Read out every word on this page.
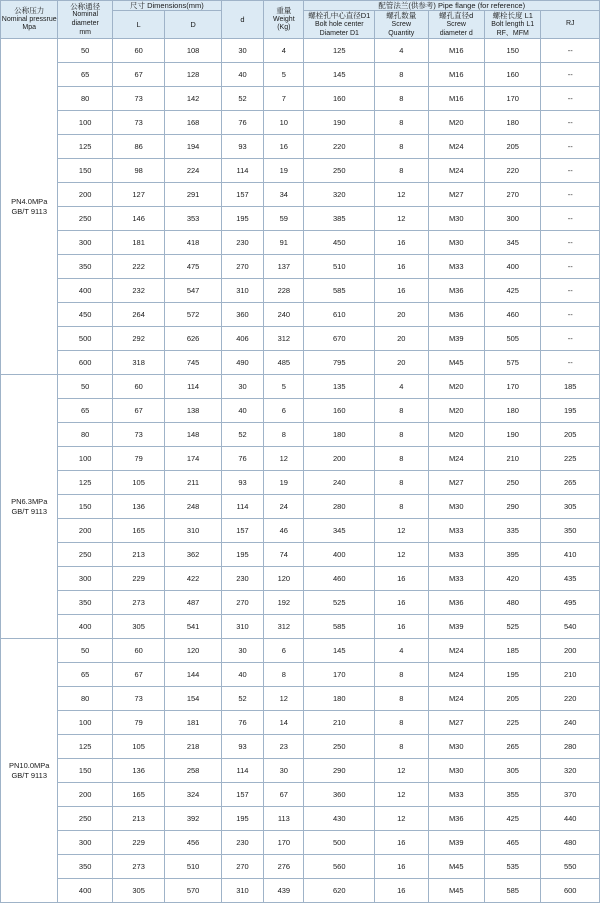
公称压力
Nominal pressrue
Mpa	公称通径
Nominal diameter
mm	尺寸 Dimensions(mm)		d	重量
Weight
(Kg)	配管法兰(供参考) Pipe flange (for reference)				
		L	D			螺栓孔中心直径D1
Bolt hole center
Diameter D1	螺孔数量
Screw
Quantity	螺孔直径d
Screw
diameter d	螺栓长度 L1
Bolt length L1
RF、MFM	RJ

PN4.0MPa
GB/T 9113	50	60	108	30	4	125	4	M16	150	--
	65	67	128	40	5	145	8	M16	160	--
	80	73	142	52	7	160	8	M16	170	--
	100	73	168	76	10	190	8	M20	180	--
	125	86	194	93	16	220	8	M24	205	--
	150	98	224	114	19	250	8	M24	220	--
	200	127	291	157	34	320	12	M27	270	--
	250	146	353	195	59	385	12	M30	300	--
	300	181	418	230	91	450	16	M30	345	--
	350	222	475	270	137	510	16	M33	400	--
	400	232	547	310	228	585	16	M36	425	--
	450	264	572	360	240	610	20	M36	460	--
	500	292	626	406	312	670	20	M39	505	--
	600	318	745	490	485	795	20	M45	575	--

PN6.3MPa
GB/T 9113	50	60	114	30	5	135	4	M20	170	185
	65	67	138	40	6	160	8	M20	180	195
	80	73	148	52	8	180	8	M20	190	205
	100	79	174	76	12	200	8	M24	210	225
	125	105	211	93	19	240	8	M27	250	265
	150	136	248	114	24	280	8	M30	290	305
	200	165	310	157	46	345	12	M33	335	350
	250	213	362	195	74	400	12	M33	395	410
	300	229	422	230	120	460	16	M33	420	435
	350	273	487	270	192	525	16	M36	480	495
	400	305	541	310	312	585	16	M39	525	540

PN10.0MPa
GB/T 9113	50	60	120	30	6	145	4	M24	185	200
	65	67	144	40	8	170	8	M24	195	210
	80	73	154	52	12	180	8	M24	205	220
	100	79	181	76	14	210	8	M27	225	240
	125	105	218	93	23	250	8	M30	265	280
	150	136	258	114	30	290	12	M30	305	320
	200	165	324	157	67	360	12	M33	355	370
	250	213	392	195	113	430	12	M36	425	440
	300	229	456	230	170	500	16	M39	465	480
	350	273	510	270	276	560	16	M45	535	550
	400	305	570	310	439	620	16	M45	585	600
